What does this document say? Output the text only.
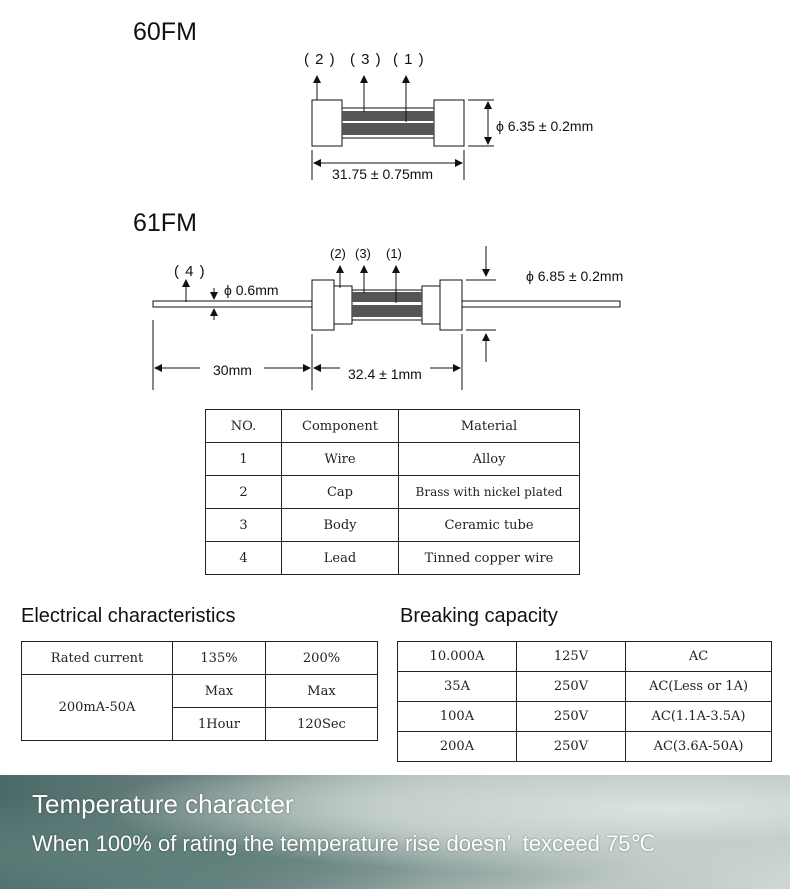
60FM
( 2 ) ( 3 ) ( 1 )
ϕ 6.35 ± 0.2mm
31.75 ± 0.75mm
61FM
( 4 )
(2) (3) (1)
ϕ 0.6mm
ϕ 6.85 ± 0.2mm
30mm	32.4 ± 1mm
NO.	Component	Material
1	Wire	Alloy
2	Cap	Brass with nickel plated
3	Body	Ceramic tube
4	Lead	Tinned copper wire
Electrical characteristics
Rated current	135%	200%
200mA-50A	Max	Max
	1Hour	120Sec
Breaking capacity
10.000A	125V	AC
35A	250V	AC(Less or 1A)
100A	250V	AC(1.1A-3.5A)
200A	250V	AC(3.6A-50A)
Temperature character
When 100% of rating the temperature rise doesn’  texceed 75℃
